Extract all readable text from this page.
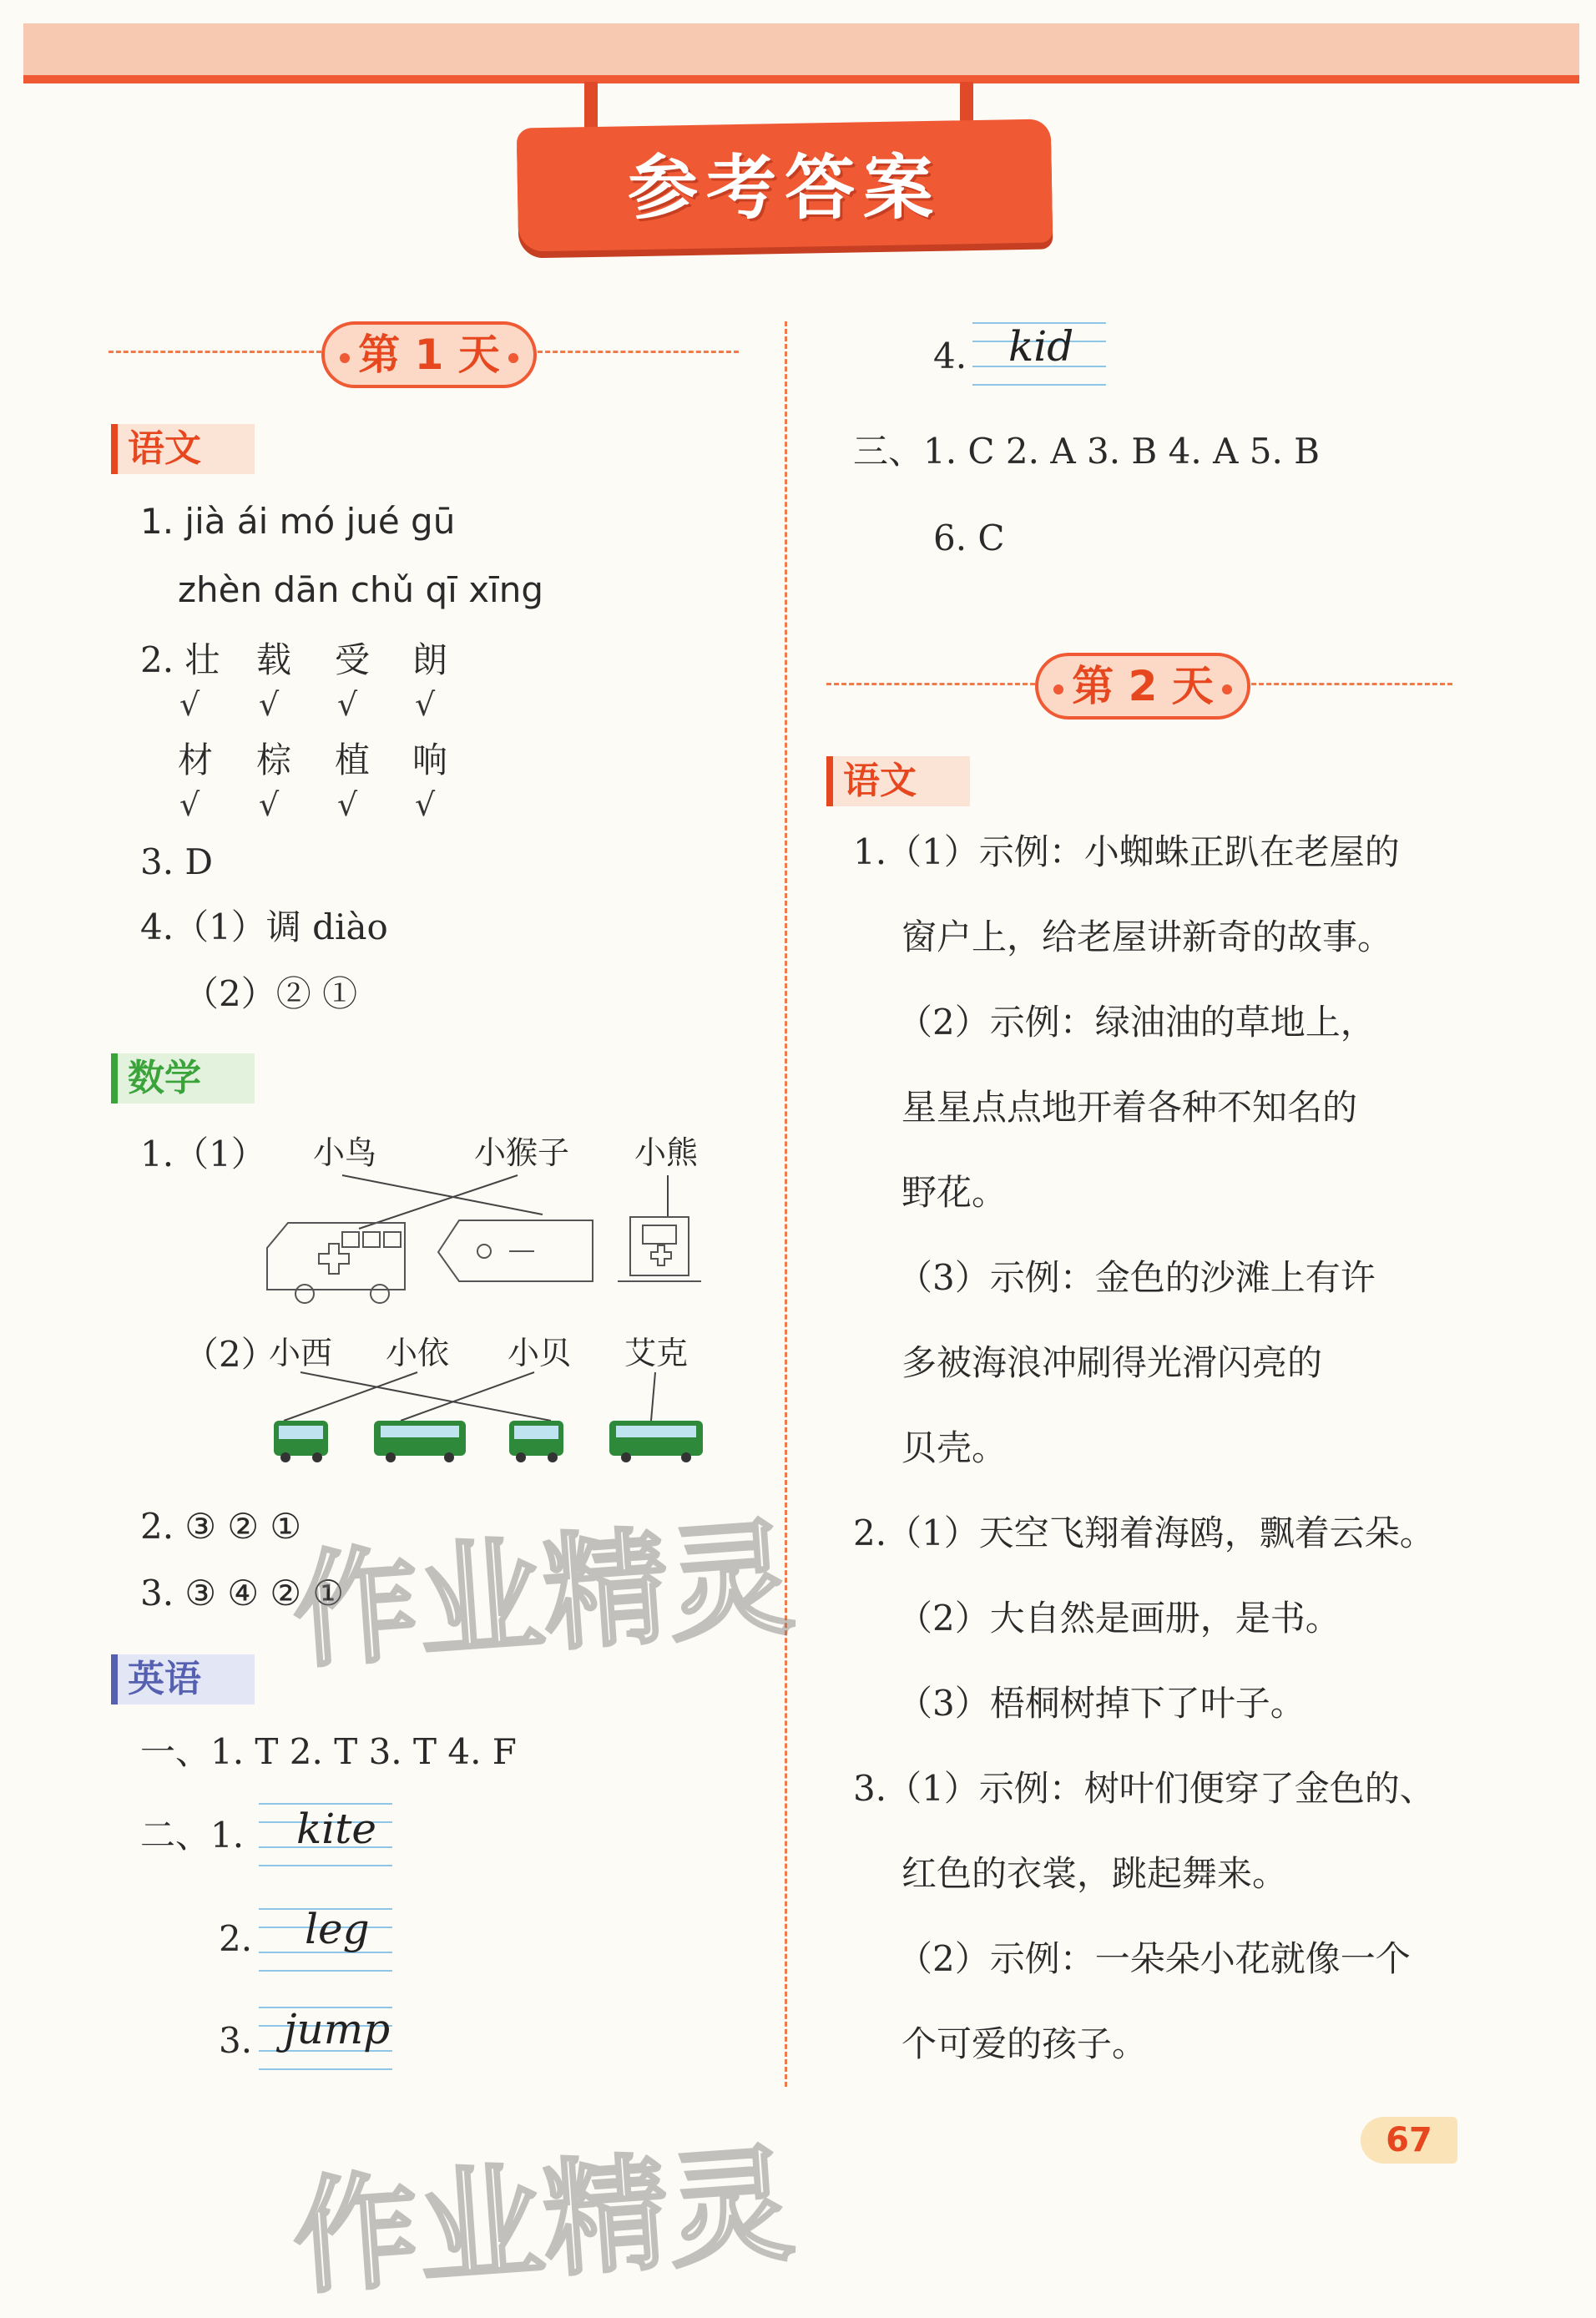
参考答案
第 1 天
语文
1. jià ái mó jué gū
zhèn dān chǔ qī xīng
2. 壮 载 受 朗
√ √ √ √
材 棕 植 响
√ √ √ √
3. D
4.（1）调 diào
（2）② ①
数学
1.（1） 小鸟	小猴子 小熊
（2）
小西 小依 小贝 艾克
2. ③ ② ①
3. ③ ④ ② ①
英语
一、1. T 2. T 3. T 4. F
二、1. kite
2. leg
3. jump
4. kid
三、1. C 2. A 3. B 4. A 5. B
6. C
第 2 天
语文
1.（1）示例：小蜘蛛正趴在老屋的
窗户上，给老屋讲新奇的故事。
（2）示例：绿油油的草地上，
星星点点地开着各种不知名的
野花。
（3）示例：金色的沙滩上有许
多被海浪冲刷得光滑闪亮的
贝壳。
2.（1）天空飞翔着海鸥，飘着云朵。
（2）大自然是画册，是书。
（3）梧桐树掉下了叶子。
3.（1）示例：树叶们便穿了金色的、
红色的衣裳，跳起舞来。
（2）示例：一朵朵小花就像一个
个可爱的孩子。
作业精灵
作业精灵	67
